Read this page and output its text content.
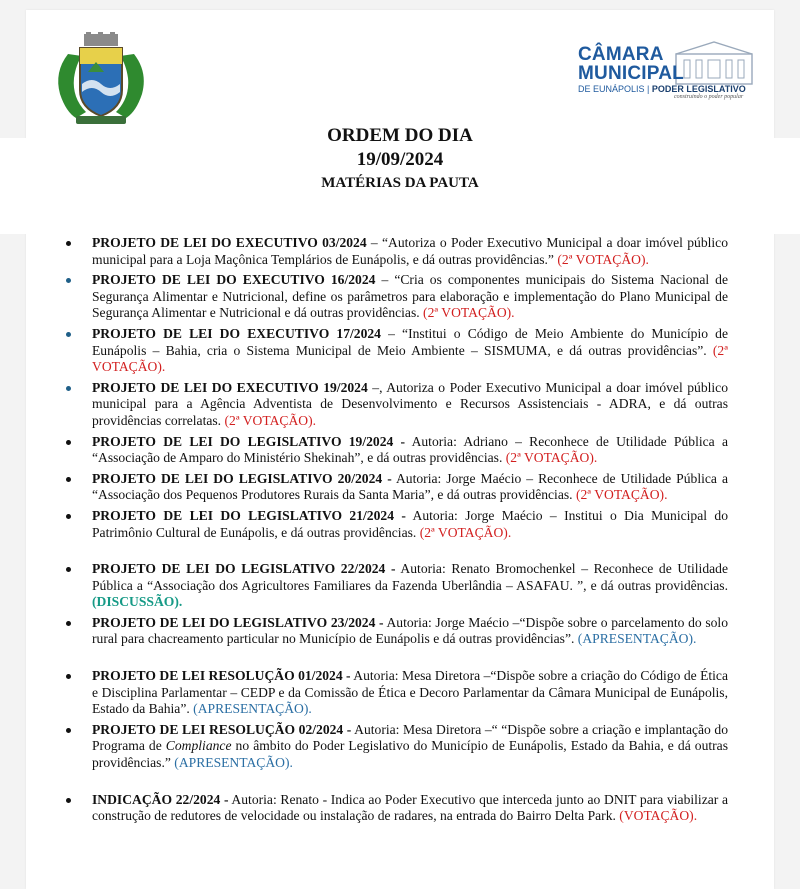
CÂMARA
MUNICIPAL
DE EUNÁPOLIS | PODER LEGISLATIVO
construindo o poder popular
ORDEM DO DIA
19/09/2024
MATÉRIAS DA PAUTA
PROJETO DE LEI DO EXECUTIVO 03/2024 – “Autoriza o Poder Executivo Municipal a doar imóvel público municipal para a Loja Maçônica Templários de Eunápolis, e dá outras providências.” (2ª VOTAÇÃO).
PROJETO DE LEI DO EXECUTIVO 16/2024 – “Cria os componentes municipais do Sistema Nacional de Segurança Alimentar e Nutricional, define os parâmetros para elaboração e implementação do Plano Municipal de Segurança Alimentar e Nutricional e dá outras providências. (2ª VOTAÇÃO).
PROJETO DE LEI DO EXECUTIVO 17/2024 – “Institui o Código de Meio Ambiente do Município de Eunápolis – Bahia, cria o Sistema Municipal de Meio Ambiente – SISMUMA, e dá outras providências”. (2ª VOTAÇÃO).
PROJETO DE LEI DO EXECUTIVO 19/2024 –, Autoriza o Poder Executivo Municipal a doar imóvel público municipal para a Agência Adventista de Desenvolvimento e Recursos Assistenciais - ADRA, e dá outras providências correlatas. (2ª VOTAÇÃO).
PROJETO DE LEI DO LEGISLATIVO 19/2024 - Autoria: Adriano – Reconhece de Utilidade Pública a “Associação de Amparo do Ministério Shekinah”, e dá outras providências. (2ª VOTAÇÃO).
PROJETO DE LEI DO LEGISLATIVO 20/2024 - Autoria: Jorge Maécio – Reconhece de Utilidade Pública a “Associação dos Pequenos Produtores Rurais da Santa Maria”, e dá outras providências. (2ª VOTAÇÃO).
PROJETO DE LEI DO LEGISLATIVO 21/2024 - Autoria: Jorge Maécio – Institui o Dia Municipal do Patrimônio Cultural de Eunápolis, e dá outras providências. (2ª VOTAÇÃO).
PROJETO DE LEI DO LEGISLATIVO 22/2024 - Autoria: Renato Bromochenkel – Reconhece de Utilidade Pública a “Associação dos Agricultores Familiares da Fazenda Uberlândia – ASAFAU. ”, e dá outras providências. (DISCUSSÃO).
PROJETO DE LEI DO LEGISLATIVO 23/2024 - Autoria: Jorge Maécio –“Dispõe sobre o parcelamento do solo rural para chacreamento particular no Município de Eunápolis e dá outras providências”. (APRESENTAÇÃO).
PROJETO DE LEI RESOLUÇÃO 01/2024 - Autoria: Mesa Diretora –“Dispõe sobre a criação do Código de Ética e Disciplina Parlamentar – CEDP e da Comissão de Ética e Decoro Parlamentar da Câmara Municipal de Eunápolis, Estado da Bahia”. (APRESENTAÇÃO).
PROJETO DE LEI RESOLUÇÃO 02/2024 - Autoria: Mesa Diretora –“ “Dispõe sobre a criação e implantação do Programa de Compliance no âmbito do Poder Legislativo do Município de Eunápolis, Estado da Bahia, e dá outras providências.” (APRESENTAÇÃO).
INDICAÇÃO 22/2024 - Autoria: Renato - Indica ao Poder Executivo que interceda junto ao DNIT para viabilizar a construção de redutores de velocidade ou instalação de radares, na entrada do Bairro Delta Park. (VOTAÇÃO).
